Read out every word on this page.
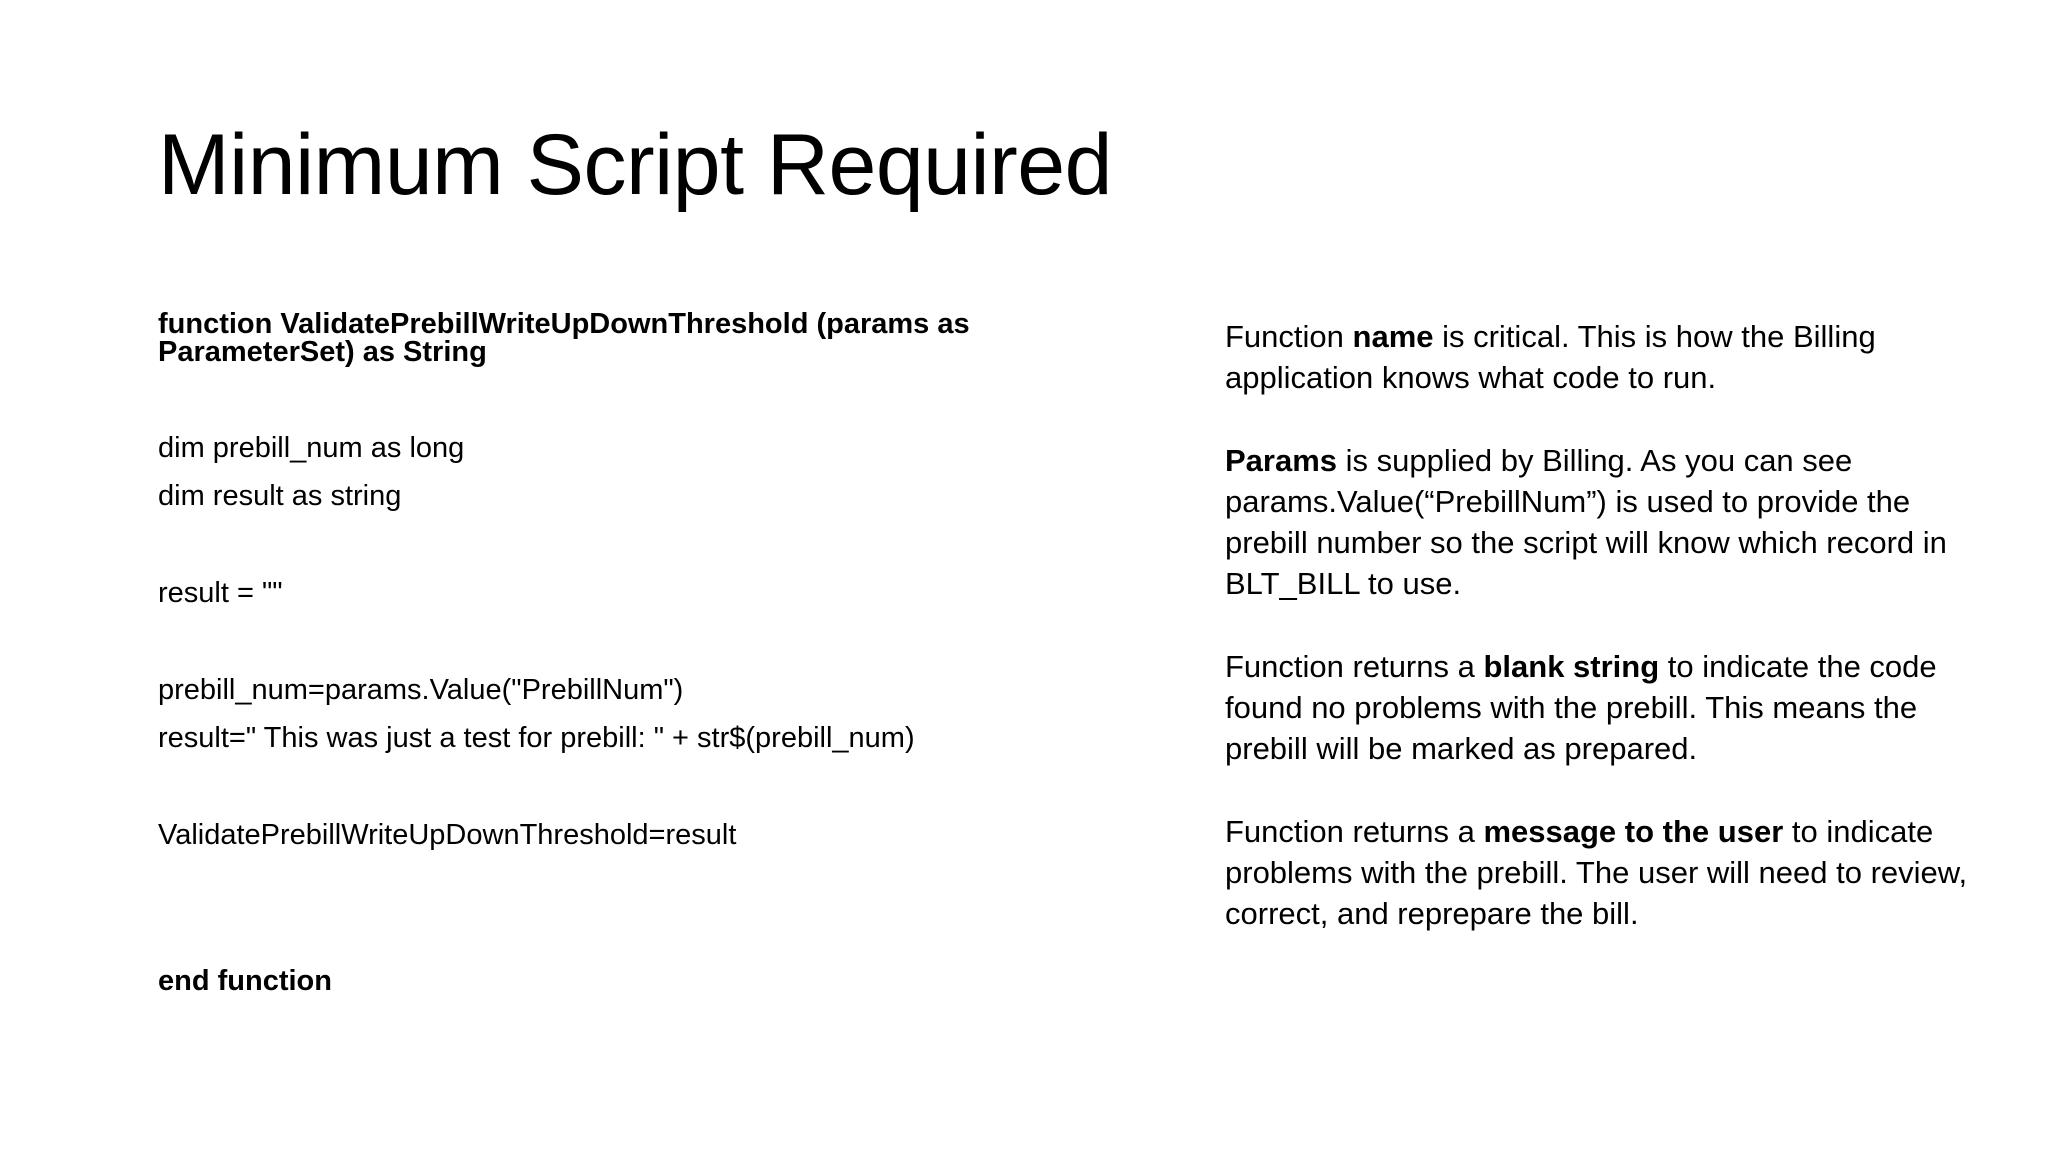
Minimum Script Required
function ValidatePrebillWriteUpDownThreshold (params as ParameterSet) as String
dim prebill_num as long
dim result as string
result = ""
prebill_num=params.Value("PrebillNum")
result=" This was just a test for prebill: " + str$(prebill_num)
ValidatePrebillWriteUpDownThreshold=result
end function

Function name is critical. This is how the Billing application knows what code to run.

Params is supplied by Billing. As you can see params.Value(“PrebillNum”) is used to provide the prebill number so the script will know which record in BLT_BILL to use.

Function returns a blank string to indicate the code found no problems with the prebill. This means the prebill will be marked as prepared.

Function returns a message to the user to indicate problems with the prebill. The user will need to review, correct, and reprepare the bill.
